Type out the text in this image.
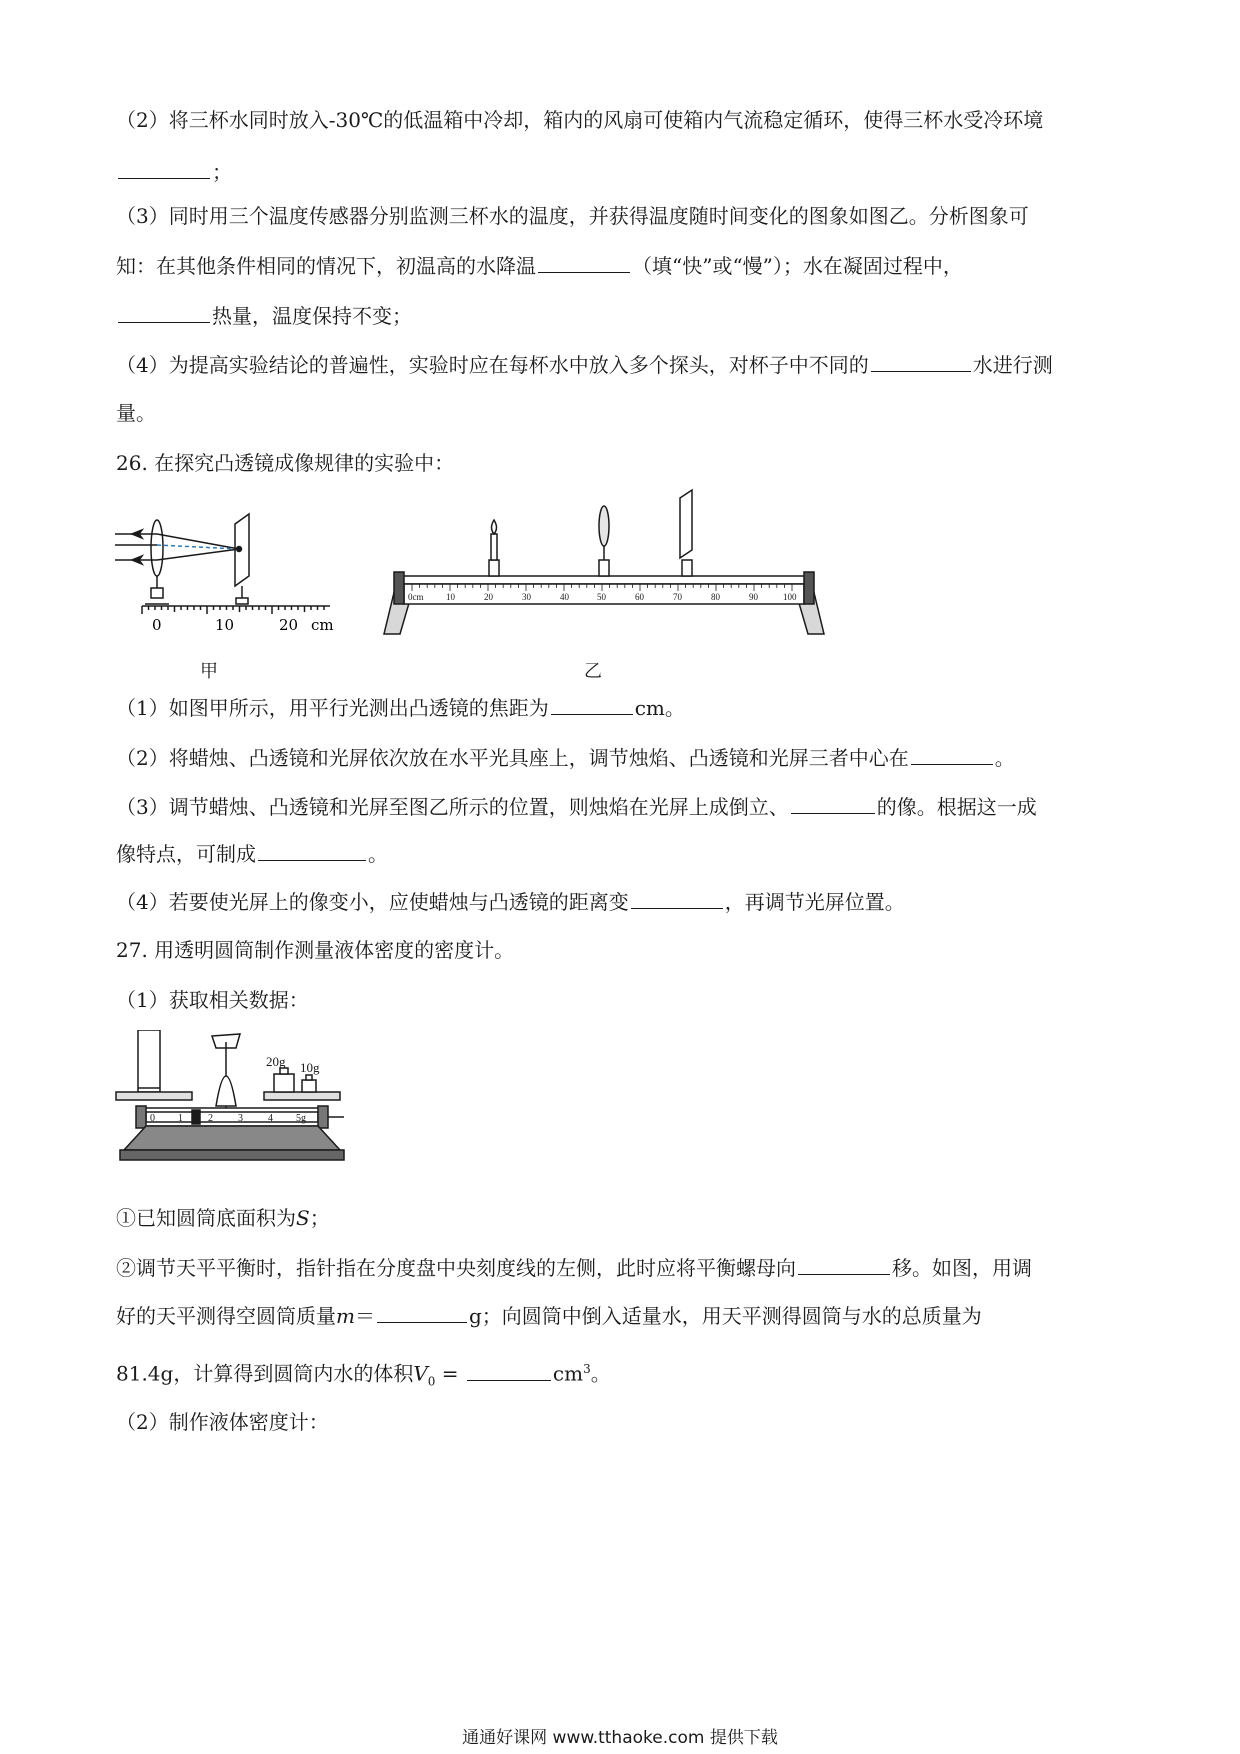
（2）将三杯水同时放入-30℃的低温箱中冷却，箱内的风扇可使箱内气流稳定循环，使得三杯水受冷环境
；
（3）同时用三个温度传感器分别监测三杯水的温度，并获得温度随时间变化的图象如图乙。分析图象可
知：在其他条件相同的情况下，初温高的水降温	（填“快”或“慢”）；水在凝固过程中，
热量，温度保持不变；
（4）为提高实验结论的普遍性，实验时应在每杯水中放入多个探头，对杯子中不同的	水进行测
量。
26. 在探究凸透镜成像规律的实验中：
0	10	20 cm
甲
0cm	10	20	30	40	50	60	70	80	90	100
乙
（1）如图甲所示，用平行光测出凸透镜的焦距为	cm。
（2）将蜡烛、凸透镜和光屏依次放在水平光具座上，调节烛焰、凸透镜和光屏三者中心在	。
（3）调节蜡烛、凸透镜和光屏至图乙所示的位置，则烛焰在光屏上成倒立、	的像。根据这一成
像特点，可制成	。
（4）若要使光屏上的像变小，应使蜡烛与凸透镜的距离变	，再调节光屏位置。
27. 用透明圆筒制作测量液体密度的密度计。
（1）获取相关数据：
20g 10g
0 1	2	3	4 5g
①已知圆筒底面积为S；
②调节天平平衡时，指针指在分度盘中央刻度线的左侧，此时应将平衡螺母向	移。如图，用调
好的天平测得空圆筒质量m＝	g；向圆筒中倒入适量水，用天平测得圆筒与水的总质量为
81.4g，计算得到圆筒内水的体积$V_0$ =	$cm^3$。
（2）制作液体密度计：
通通好课网 www.tthaoke.com 提供下载
